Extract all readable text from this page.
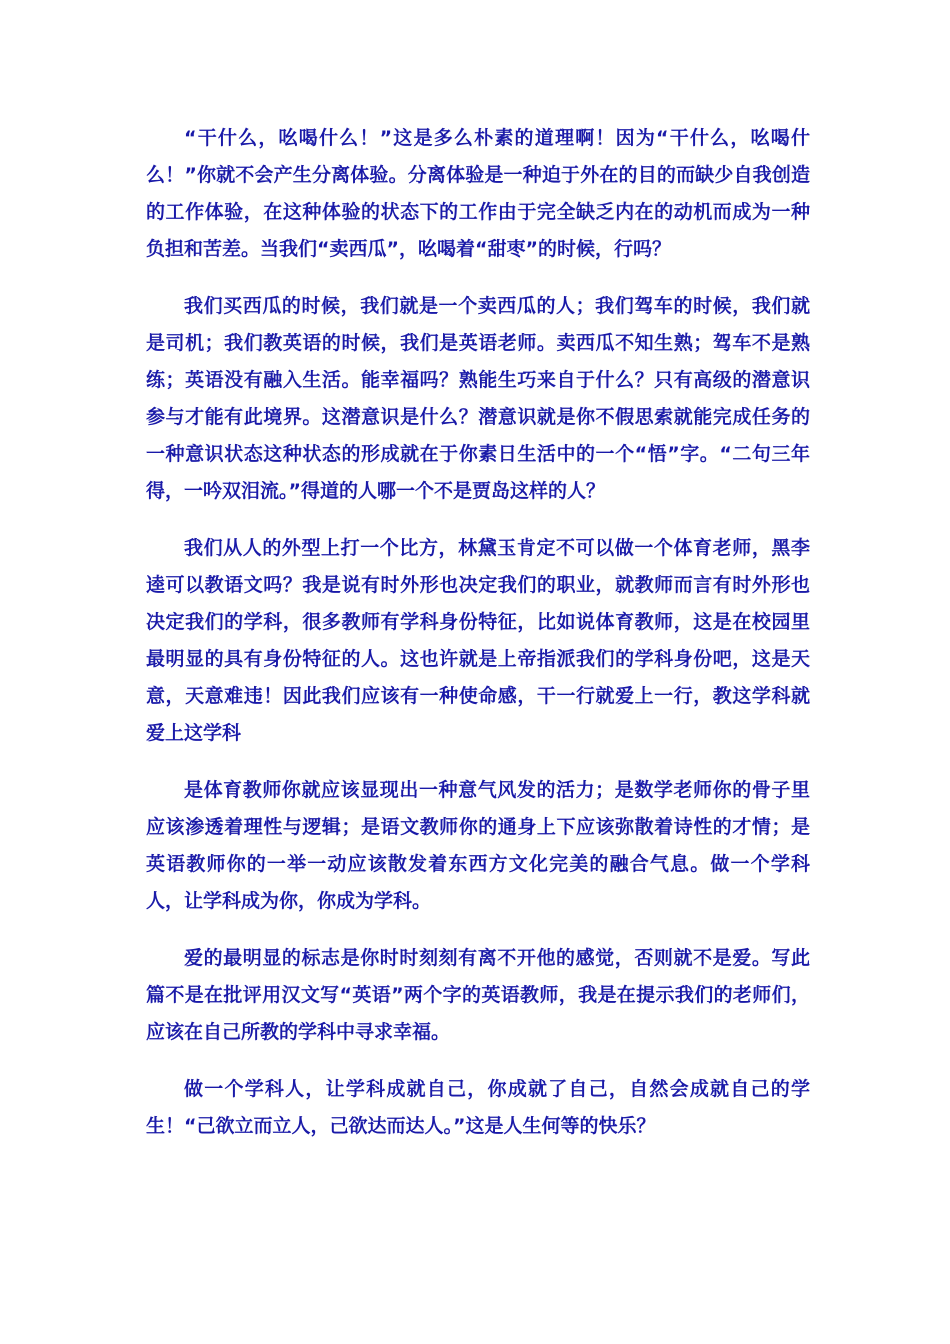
“干什么，吆喝什么！”这是多么朴素的道理啊！因为“干什么，吆喝什么！”你就不会产生分离体验。分离体验是一种迫于外在的目的而缺少自我创造的工作体验，在这种体验的状态下的工作由于完全缺乏内在的动机而成为一种负担和苦差。当我们“卖西瓜”，吆喝着“甜枣”的时候，行吗？

我们买西瓜的时候，我们就是一个卖西瓜的人；我们驾车的时候，我们就是司机；我们教英语的时候，我们是英语老师。卖西瓜不知生熟；驾车不是熟练；英语没有融入生活。能幸福吗？熟能生巧来自于什么？只有高级的潜意识参与才能有此境界。这潜意识是什么？潜意识就是你不假思索就能完成任务的一种意识状态这种状态的形成就在于你素日生活中的一个“悟”字。“二句三年得，一吟双泪流。”得道的人哪一个不是贾岛这样的人？

我们从人的外型上打一个比方，林黛玉肯定不可以做一个体育老师，黑李逵可以教语文吗？我是说有时外形也决定我们的职业，就教师而言有时外形也决定我们的学科，很多教师有学科身份特征，比如说体育教师，这是在校园里最明显的具有身份特征的人。这也许就是上帝指派我们的学科身份吧，这是天意，天意难违！因此我们应该有一种使命感，干一行就爱上一行，教这学科就爱上这学科

是体育教师你就应该显现出一种意气风发的活力；是数学老师你的骨子里应该渗透着理性与逻辑；是语文教师你的通身上下应该弥散着诗性的才情；是英语教师你的一举一动应该散发着东西方文化完美的融合气息。做一个学科人，让学科成为你，你成为学科。

爱的最明显的标志是你时时刻刻有离不开他的感觉，否则就不是爱。写此篇不是在批评用汉文写“英语”两个字的英语教师，我是在提示我们的老师们，应该在自己所教的学科中寻求幸福。

做一个学科人，让学科成就自己，你成就了自己，自然会成就自己的学生！“己欲立而立人，己欲达而达人。”这是人生何等的快乐？
